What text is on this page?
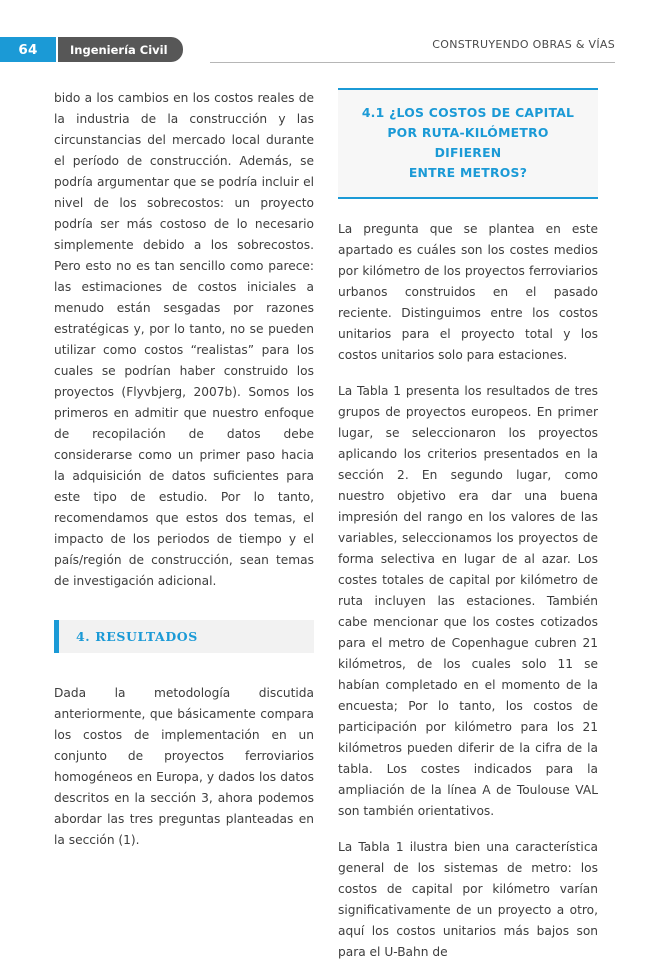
64	Ingeniería Civil	CONSTRUYENDO OBRAS & VÍAS

bido a los cambios en los costos reales de la industria de la construcción y las circunstancias del mercado local durante el período de construcción. Además, se podría argumentar que se podría incluir el nivel de los sobrecostos: un proyecto podría ser más costoso de lo necesario simplemente debido a los sobrecostos. Pero esto no es tan sencillo como parece: las estimaciones de costos iniciales a menudo están sesgadas por razones estratégicas y, por lo tanto, no se pueden utilizar como costos “realistas” para los cuales se podrían haber construido los proyectos (Flyvbjerg, 2007b). Somos los primeros en admitir que nuestro enfoque de recopilación de datos debe considerarse como un primer paso hacia la adquisición de datos suficientes para este tipo de estudio. Por lo tanto, recomendamos que estos dos temas, el impacto de los periodos de tiempo y el país/región de construcción, sean temas de investigación adicional.

4. RESULTADOS

Dada la metodología discutida anteriormente, que básicamente compara los costos de implementación en un conjunto de proyectos ferroviarios homogéneos en Europa, y dados los datos descritos en la sección 3, ahora podemos abordar las tres preguntas planteadas en la sección (1).

4.1 ¿LOS COSTOS DE CAPITAL
POR RUTA-KILÓMETRO DIFIEREN
ENTRE METROS?

La pregunta que se plantea en este apartado es cuáles son los costes medios por kilómetro de los proyectos ferroviarios urbanos construidos en el pasado reciente. Distinguimos entre los costos unitarios para el proyecto total y los costos unitarios solo para estaciones.

La Tabla 1 presenta los resultados de tres grupos de proyectos europeos. En primer lugar, se seleccionaron los proyectos aplicando los criterios presentados en la sección 2. En segundo lugar, como nuestro objetivo era dar una buena impresión del rango en los valores de las variables, seleccionamos los proyectos de forma selectiva en lugar de al azar. Los costes totales de capital por kilómetro de ruta incluyen las estaciones. También cabe mencionar que los costes cotizados para el metro de Copenhague cubren 21 kilómetros, de los cuales solo 11 se habían completado en el momento de la encuesta; Por lo tanto, los costos de participación por kilómetro para los 21 kilómetros pueden diferir de la cifra de la tabla. Los costes indicados para la ampliación de la línea A de Toulouse VAL son también orientativos.

La Tabla 1 ilustra bien una característica general de los sistemas de metro: los costos de capital por kilómetro varían significativamente de un proyecto a otro, aquí los costos unitarios más bajos son para el U-Bahn de
